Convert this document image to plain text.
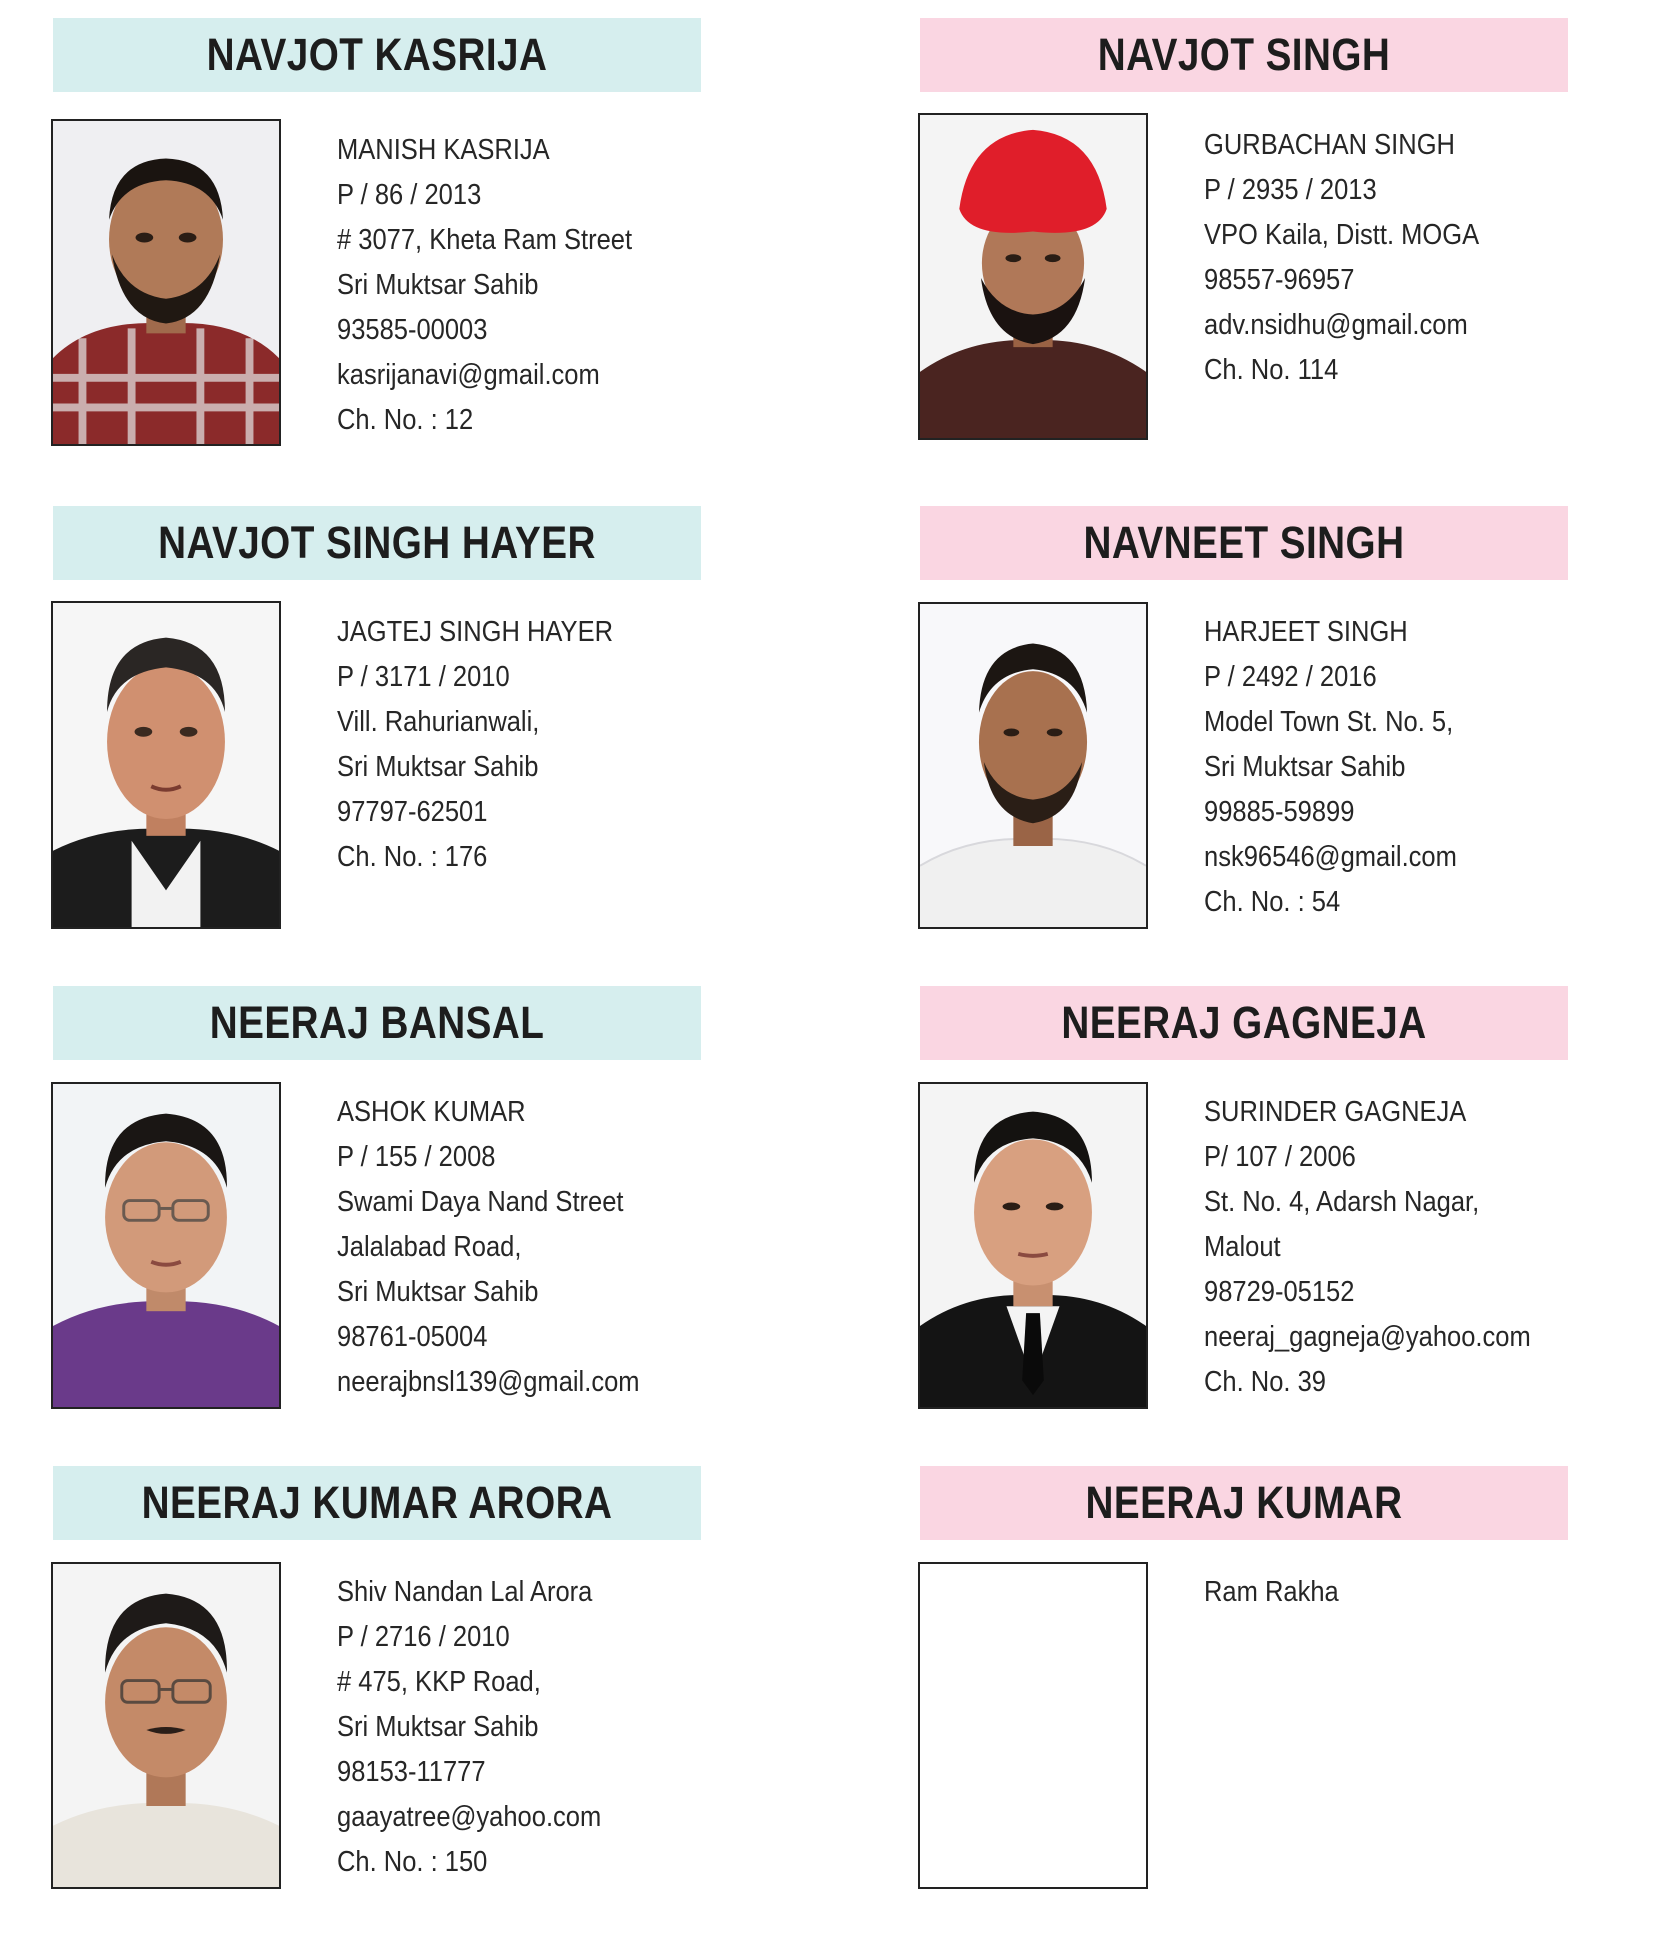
NAVJOT KASRIJA
MANISH KASRIJA
P / 86 / 2013
# 3077, Kheta Ram Street
Sri Muktsar Sahib
93585-00003
kasrijanavi@gmail.com
Ch. No. : 12
NAVJOT SINGH
GURBACHAN SINGH
P / 2935 / 2013
VPO Kaila, Distt. MOGA
98557-96957
adv.nsidhu@gmail.com
Ch. No. 114
NAVJOT SINGH HAYER
JAGTEJ SINGH HAYER
P / 3171 / 2010
Vill. Rahurianwali,
Sri Muktsar Sahib
97797-62501
Ch. No. : 176
NAVNEET SINGH
HARJEET SINGH
P / 2492 / 2016
Model Town St. No. 5,
Sri Muktsar Sahib
99885-59899
nsk96546@gmail.com
Ch. No. : 54
NEERAJ BANSAL
ASHOK KUMAR
P / 155 / 2008
Swami Daya Nand Street
Jalalabad Road,
Sri Muktsar Sahib
98761-05004
neerajbnsl139@gmail.com
NEERAJ GAGNEJA
SURINDER GAGNEJA
P/ 107 / 2006
St. No. 4, Adarsh Nagar,
Malout
98729-05152
neeraj_gagneja@yahoo.com
Ch. No. 39
NEERAJ KUMAR ARORA
Shiv Nandan Lal Arora
P / 2716 / 2010
# 475, KKP Road,
Sri Muktsar Sahib
98153-11777
gaayatree@yahoo.com
Ch. No. : 150
NEERAJ KUMAR
Ram Rakha
